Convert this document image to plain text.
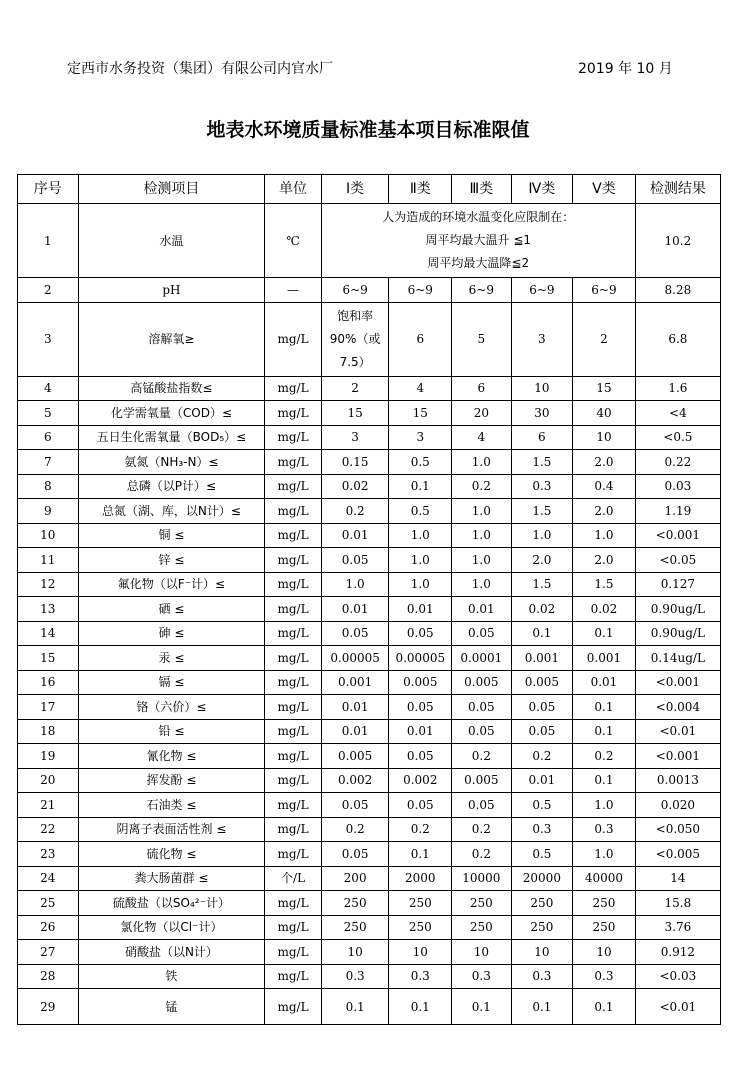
定西市水务投资（集团）有限公司内官水厂	2019 年 10 月
地表水环境质量标准基本项目标准限值
序号	检测项目	单位	Ⅰ类	Ⅱ类	Ⅲ类	Ⅳ类	Ⅴ类	检测结果
1	水温	℃	人为造成的环境水温变化应限制在：
周平均最大温升 ≦1
周平均最大温降≦2					10.2
2	pH	—	6~9	6~9	6~9	6~9	6~9	8.28
3	溶解氧≥	mg/L	饱和率
90%（或
7.5）	6	5	3	2	6.8
4	高锰酸盐指数≤	mg/L	2	4	6	10	15	1.6
5	化学需氧量（COD）≤	mg/L	15	15	20	30	40	<4
6	五日生化需氧量（BOD₅）≤	mg/L	3	3	4	6	10	<0.5
7	氨氮（NH₃-N）≤	mg/L	0.15	0.5	1.0	1.5	2.0	0.22
8	总磷（以P计）≤	mg/L	0.02	0.1	0.2	0.3	0.4	0.03
9	总氮（湖、库，以N计）≤	mg/L	0.2	0.5	1.0	1.5	2.0	1.19
10	铜 ≤	mg/L	0.01	1.0	1.0	1.0	1.0	<0.001
11	锌 ≤	mg/L	0.05	1.0	1.0	2.0	2.0	<0.05
12	氟化物（以F⁻计）≤	mg/L	1.0	1.0	1.0	1.5	1.5	0.127
13	硒 ≤	mg/L	0.01	0.01	0.01	0.02	0.02	0.90ug/L
14	砷 ≤	mg/L	0.05	0.05	0.05	0.1	0.1	0.90ug/L
15	汞 ≤	mg/L	0.00005	0.00005	0.0001	0.001	0.001	0.14ug/L
16	镉 ≤	mg/L	0.001	0.005	0.005	0.005	0.01	<0.001
17	铬（六价）≤	mg/L	0.01	0.05	0.05	0.05	0.1	<0.004
18	铅 ≤	mg/L	0.01	0.01	0.05	0.05	0.1	<0.01
19	氰化物 ≤	mg/L	0.005	0.05	0.2	0.2	0.2	<0.001
20	挥发酚 ≤	mg/L	0.002	0.002	0.005	0.01	0.1	0.0013
21	石油类 ≤	mg/L	0.05	0.05	0.05	0.5	1.0	0.020
22	阴离子表面活性剂 ≤	mg/L	0.2	0.2	0.2	0.3	0.3	<0.050
23	硫化物 ≤	mg/L	0.05	0.1	0.2	0.5	1.0	<0.005
24	粪大肠菌群 ≤	个/L	200	2000	10000	20000	40000	14
25	硫酸盐（以SO₄²⁻计）	mg/L	250	250	250	250	250	15.8
26	氯化物（以Cl⁻计）	mg/L	250	250	250	250	250	3.76
27	硝酸盐（以N计）	mg/L	10	10	10	10	10	0.912
28	铁	mg/L	0.3	0.3	0.3	0.3	0.3	<0.03
29	锰	mg/L	0.1	0.1	0.1	0.1	0.1	<0.01
